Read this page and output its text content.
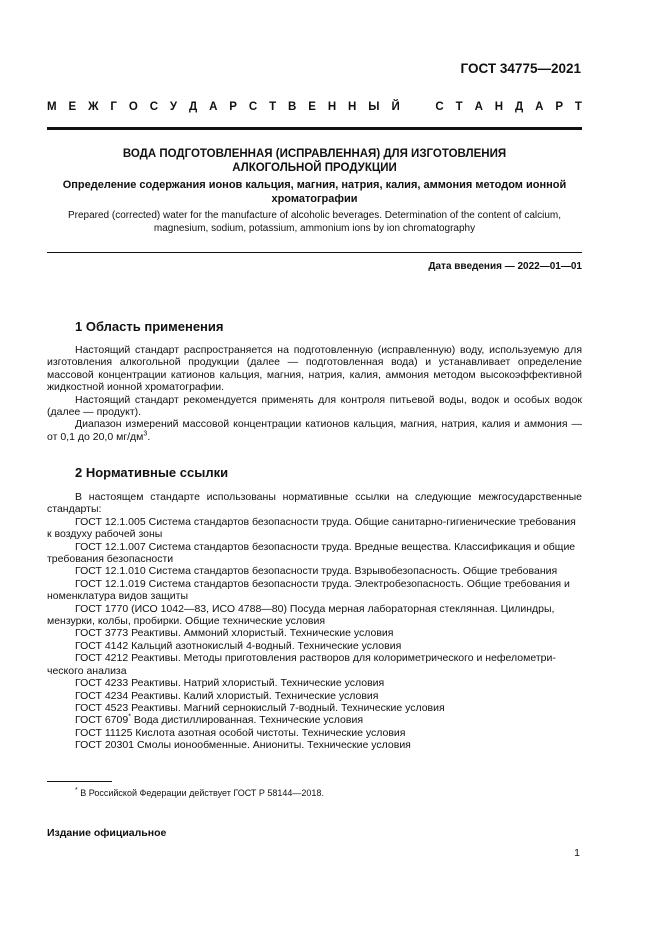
ГОСТ 34775—2021
М Е Ж Г О С У Д А Р С Т В Е Н Н Ы Й	С Т А Н Д А Р Т
ВОДА ПОДГОТОВЛЕННАЯ (ИСПРАВЛЕННАЯ) ДЛЯ ИЗГОТОВЛЕНИЯ
АЛКОГОЛЬНОЙ ПРОДУКЦИИ
Определение содержания ионов кальция, магния, натрия, калия, аммония методом ионной
хроматографии
Prepared (corrected) water for the manufacture of alcoholic beverages. Determination of the content of calcium,
magnesium, sodium, potassium, ammonium ions by ion chromatography
Дата введения — 2022—01—01
1 Область применения

Настоящий стандарт распространяется на подготовленную (исправленную) воду, используемую для изготовления алкогольной продукции (далее — подготовленная вода) и устанавливает определение массовой концентрации катионов кальция, магния, натрия, калия, аммония методом высокоэффективной жидкостной ионной хроматографии.

Настоящий стандарт рекомендуется применять для контроля питьевой воды, водок и особых водок (далее — продукт).

Диапазон измерений массовой концентрации катионов кальция, магния, натрия, калия и аммония — от 0,1 до 20,0 $мг/дм^3$.

2 Нормативные ссылки

В настоящем стандарте использованы нормативные ссылки на следующие межгосударственные стандарты:

ГОСТ 12.1.005 Система стандартов безопасности труда. Общие санитарно-гигиенические требования к воздуху рабочей зоны

ГОСТ 12.1.007 Система стандартов безопасности труда. Вредные вещества. Классификация и общие требования безопасности

ГОСТ 12.1.010 Система стандартов безопасности труда. Взрывобезопасность. Общие требования

ГОСТ 12.1.019 Система стандартов безопасности труда. Электробезопасность. Общие требования и номенклатура видов защиты

ГОСТ 1770 (ИСО 1042—83, ИСО 4788—80) Посуда мерная лабораторная стеклянная. Цилиндры, мензурки, колбы, пробирки. Общие технические условия

ГОСТ 3773 Реактивы. Аммоний хлористый. Технические условия

ГОСТ 4142 Кальций азотнокислый 4-водный. Технические условия

ГОСТ 4212 Реактивы. Методы приготовления растворов для колориметрического и нефелометрического анализа

ГОСТ 4233 Реактивы. Натрий хлористый. Технические условия

ГОСТ 4234 Реактивы. Калий хлористый. Технические условия

ГОСТ 4523 Реактивы. Магний сернокислый 7-водный. Технические условия

ГОСТ 6709* Вода дистиллированная. Технические условия

ГОСТ 11125 Кислота азотная особой чистоты. Технические условия

ГОСТ 20301 Смолы ионообменные. Аниониты. Технические условия

* В Российской Федерации действует ГОСТ Р 58144—2018.
Издание официальное
1
